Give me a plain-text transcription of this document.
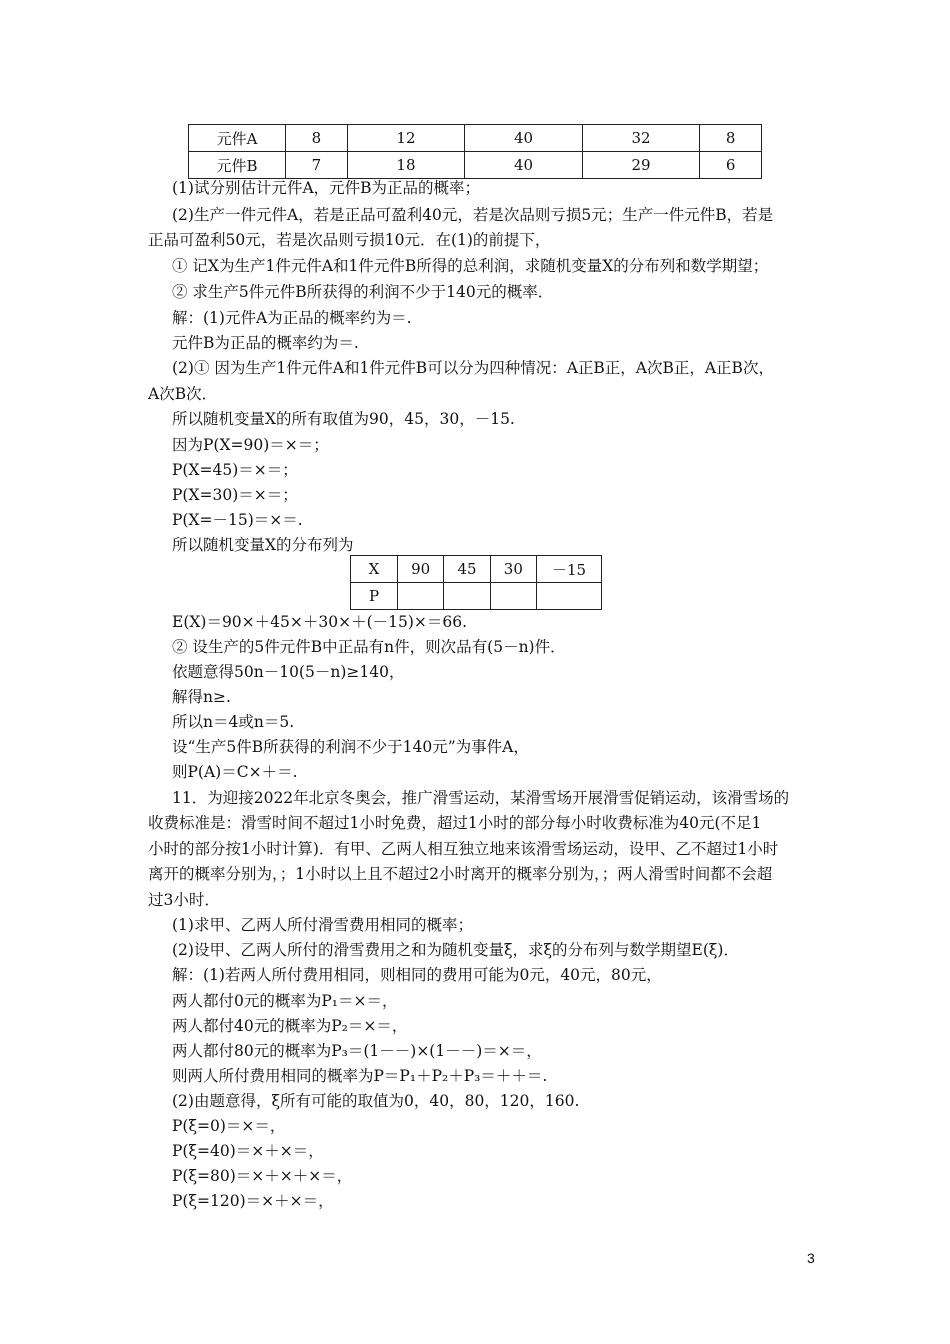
元件A	8	12	40	32	8
元件B	7	18	40	29	6
(1)试分别估计元件A，元件B为正品的概率；
(2)生产一件元件A，若是正品可盈利40元，若是次品则亏损5元；生产一件元件B，若是
正品可盈利50元，若是次品则亏损10元．在(1)的前提下，
① 记X为生产1件元件A和1件元件B所得的总利润，求随机变量X的分布列和数学期望；
② 求生产5件元件B所获得的利润不少于140元的概率．
解：(1)元件A为正品的概率约为＝.
元件B为正品的概率约为＝.
(2)① 因为生产1件元件A和1件元件B可以分为四种情况：A正B正，A次B正，A正B次，
A次B次．
所以随机变量X的所有取值为90，45，30，－15.
因为P(X=90)＝×＝；
P(X=45)＝×＝；
P(X=30)＝×＝；
P(X=－15)＝×＝.
所以随机变量X的分布列为
X	90	45	30	－15
P				
E(X)＝90×＋45×＋30×＋(－15)×＝66.
② 设生产的5件元件B中正品有n件，则次品有(5－n)件．
依题意得50n－10(5－n)≥140，
解得n≥.
所以n＝4或n＝5.
设“生产5件B所获得的利润不少于140元”为事件A，
则P(A)＝C×＋＝.
11．为迎接2022年北京冬奥会，推广滑雪运动，某滑雪场开展滑雪促销运动，该滑雪场的
收费标准是：滑雪时间不超过1小时免费，超过1小时的部分每小时收费标准为40元(不足1
小时的部分按1小时计算)．有甲、乙两人相互独立地来该滑雪场运动，设甲、乙不超过1小时
离开的概率分别为，；1小时以上且不超过2小时离开的概率分别为，；两人滑雪时间都不会超
过3小时．
(1)求甲、乙两人所付滑雪费用相同的概率；
(2)设甲、乙两人所付的滑雪费用之和为随机变量ξ，求ξ的分布列与数学期望E(ξ)．
解：(1)若两人所付费用相同，则相同的费用可能为0元，40元，80元，
两人都付0元的概率为P₁＝×＝，
两人都付40元的概率为P₂＝×＝，
两人都付80元的概率为P₃＝(1－－)×(1－－)＝×＝，
则两人所付费用相同的概率为P＝P₁＋P₂＋P₃＝＋＋＝.
(2)由题意得，ξ所有可能的取值为0，40，80，120，160.
P(ξ=0)＝×＝，
P(ξ=40)＝×＋×＝，
P(ξ=80)＝×＋×＋×＝，
P(ξ=120)＝×＋×＝，
3
